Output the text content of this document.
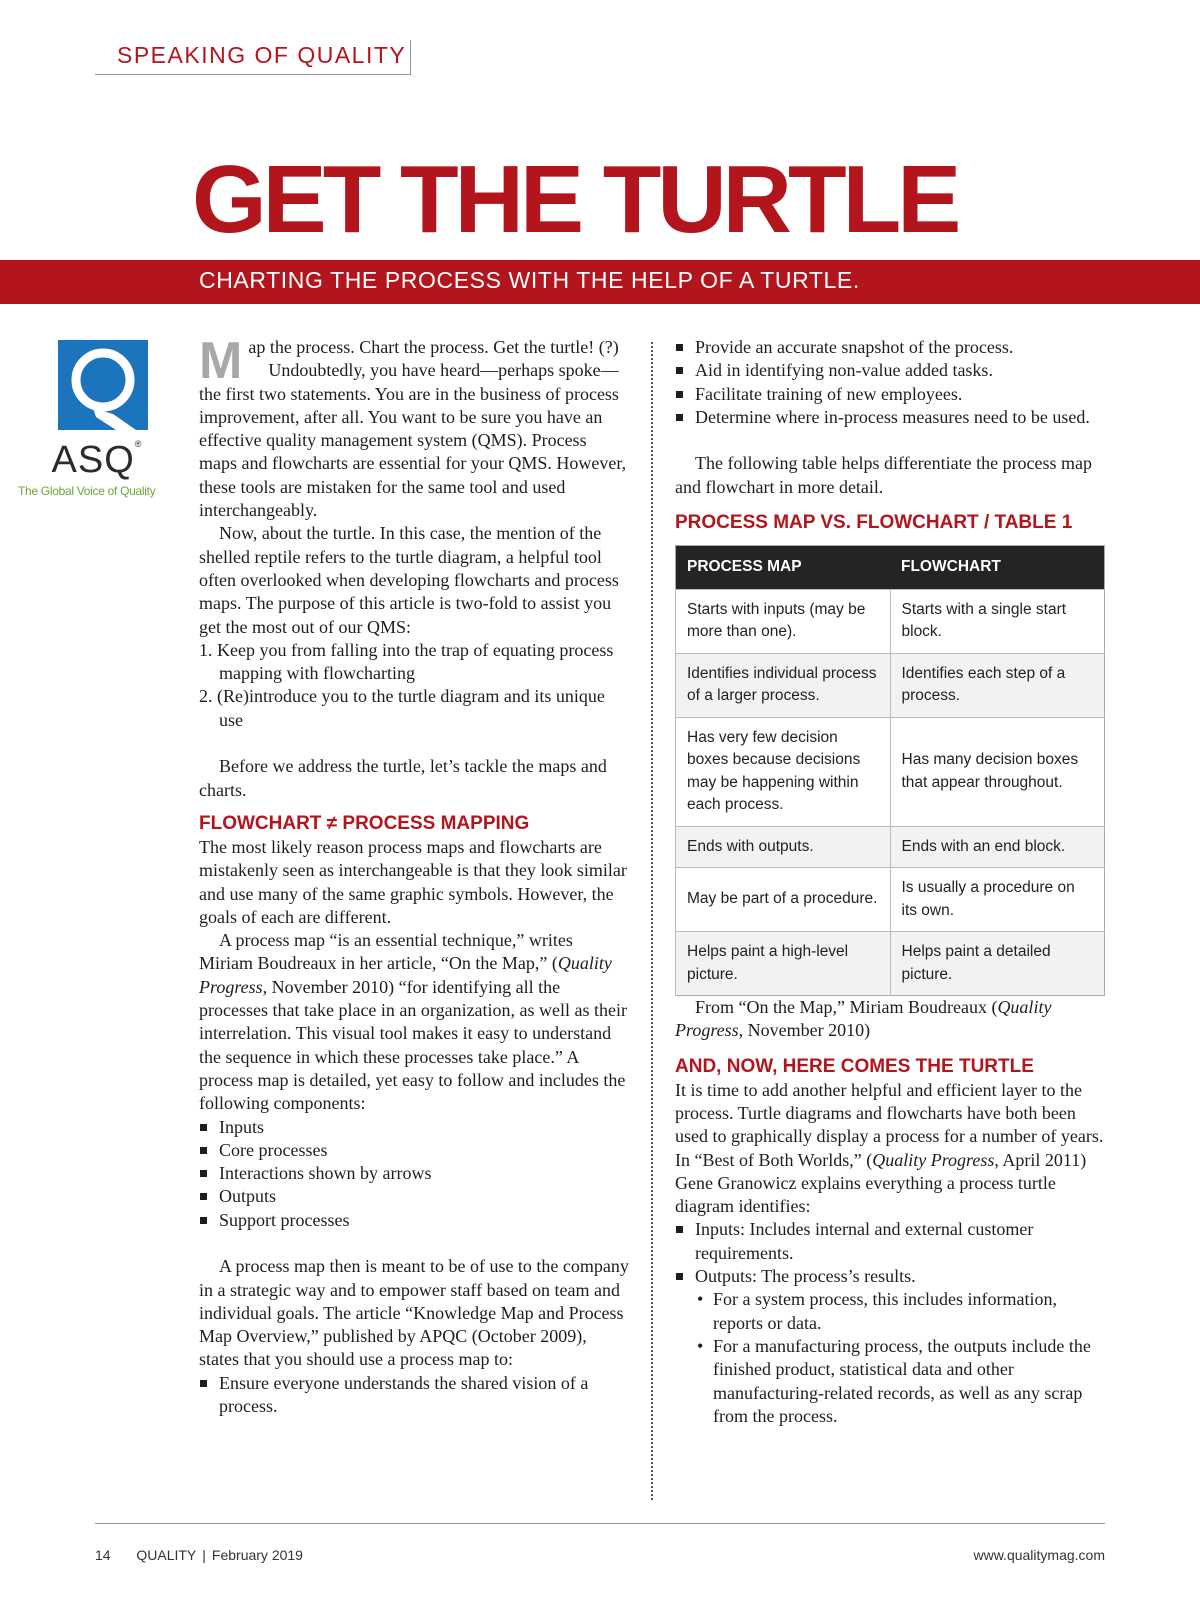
SPEAKING OF QUALITY
GET THE TURTLE
CHARTING THE PROCESS WITH THE HELP OF A TURTLE.
ASQ®
The Global Voice of Quality

Map the process. Chart the process. Get the turtle! (?)

Undoubtedly, you have heard—perhaps spoke—the first two statements. You are in the business of process improvement, after all. You want to be sure you have an effective quality management system (QMS). Process maps and flowcharts are essential for your QMS. However, these tools are mistaken for the same tool and used interchangeably.

Now, about the turtle. In this case, the mention of the shelled reptile refers to the turtle diagram, a helpful tool often overlooked when developing flowcharts and process maps. The purpose of this article is two-fold to assist you get the most out of our QMS:

1. Keep you from falling into the trap of equating process mapping with flowcharting
2. (Re)introduce you to the turtle diagram and its unique use

Before we address the turtle, let’s tackle the maps and charts.

FLOWCHART ≠ PROCESS MAPPING

The most likely reason process maps and flowcharts are mistakenly seen as interchangeable is that they look similar and use many of the same graphic symbols. However, the goals of each are different.

A process map “is an essential technique,” writes Miriam Boudreaux in her article, “On the Map,” (Quality Progress, November 2010) “for identifying all the processes that take place in an organization, as well as their interrelation. This visual tool makes it easy to understand the sequence in which these processes take place.” A process map is detailed, yet easy to follow and includes the following components:

Inputs
Core processes
Interactions shown by arrows
Outputs
Support processes

A process map then is meant to be of use to the company in a strategic way and to empower staff based on team and individual goals. The article “Knowledge Map and Process Map Overview,” published by APQC (October 2009), states that you should use a process map to:

Ensure everyone understands the shared vision of a process.
Provide an accurate snapshot of the process.
Aid in identifying non-value added tasks.
Facilitate training of new employees.
Determine where in-process measures need to be used.

The following table helps differentiate the process map and flowchart in more detail.

PROCESS MAP VS. FLOWCHART / TABLE 1
PROCESS MAP	FLOWCHART
Starts with inputs (may be more than one).	Starts with a single start block.
Identifies individual process of a larger process.	Identifies each step of a process.
Has very few decision boxes because decisions may be happening within each process.	Has many decision boxes that appear throughout.
Ends with outputs.	Ends with an end block.
May be part of a procedure.	Is usually a procedure on its own.
Helps paint a high-level picture.	Helps paint a detailed picture.

From “On the Map,” Miriam Boudreaux (Quality Progress, November 2010)

AND, NOW, HERE COMES THE TURTLE

It is time to add another helpful and efficient layer to the process. Turtle diagrams and flowcharts have both been used to graphically display a process for a number of years. In “Best of Both Worlds,” (Quality Progress, April 2011) Gene Granowicz explains everything a process turtle diagram identifies:

Inputs: Includes internal and external customer requirements.
Outputs: The process’s results.
• For a system process, this includes information, reports or data.
• For a manufacturing process, the outputs include the finished product, statistical data and other manufacturing-related records, as well as any scrap from the process.
14 QUALITY | February 2019	www.qualitymag.com
